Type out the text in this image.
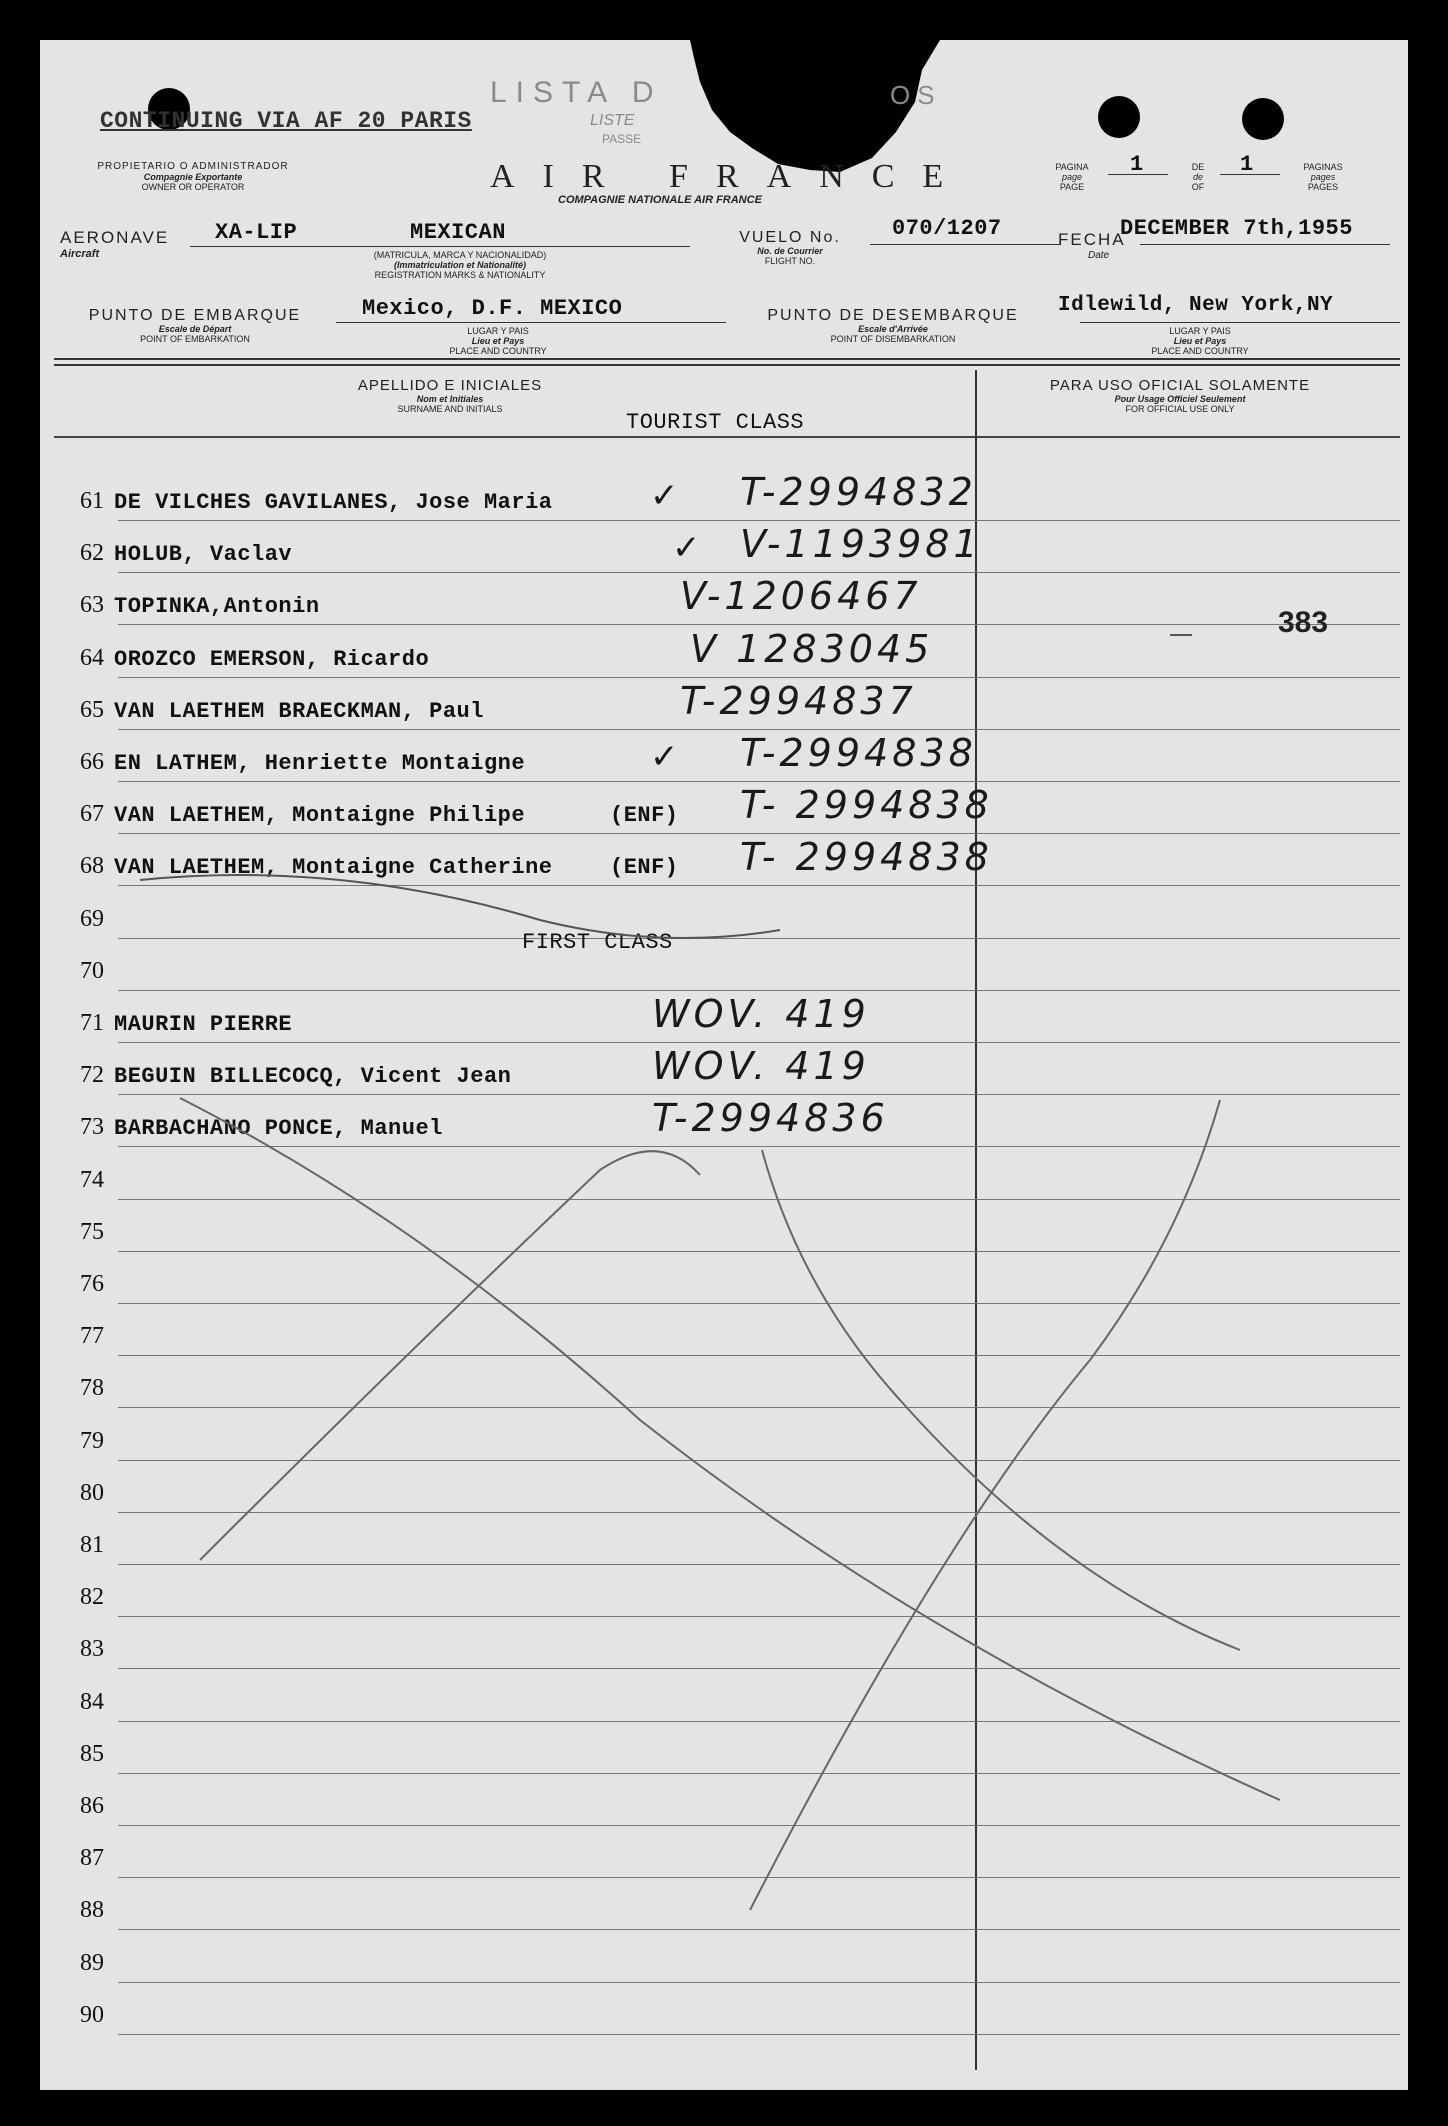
LISTA D	OS
LISTE
PASSE
CONTINUING VIA AF 20 PARIS
PROPIETARIO O ADMINISTRADOR
Compagnie Exportante
OWNER OR OPERATOR	AIR FRANCE
COMPAGNIE NATIONALE AIR FRANCE
PAGINA
page
PAGE
1	DE
de
OF
1	PAGINAS
pages
PAGES
AERONAVE
Aircraft
XA-LIP	MEXICAN
(MATRICULA, MARCA Y NACIONALIDAD)
(Immatriculation et Nationalité)
REGISTRATION MARKS & NATIONALITY
VUELO No.
No. de Courrier
FLIGHT NO.
070/1207	FECHA
Date
DECEMBER 7th,1955
PUNTO DE EMBARQUE
Escale de Départ
POINT OF EMBARKATION
Mexico, D.F. MEXICO
LUGAR Y PAIS
Lieu et Pays
PLACE AND COUNTRY
PUNTO DE DESEMBARQUE
Escale d'Arrivée
POINT OF DISEMBARKATION
Idlewild, New York,NY
LUGAR Y PAIS
Lieu et Pays
PLACE AND COUNTRY
APELLIDO E INICIALES
Nom et Initiales
SURNAME AND INITIALS
TOURIST CLASS
PARA USO OFICIAL SOLAMENTE
Pour Usage Officiel Seulement
FOR OFFICIAL USE ONLY
61 DE VILCHES GAVILANES, Jose Maria	✓ T-2994832
62 HOLUB, Vaclav	✓ V-1193981
63 TOPINKA,Antonin	V-1206467
64 OROZCO EMERSON, Ricardo	V 1283045
65 VAN LAETHEM BRAECKMAN, Paul	T-2994837
66 EN LATHEM, Henriette Montaigne	✓ T-2994838
67 VAN LAETHEM, Montaigne Philipe	(ENF) T- 2994838
68 VAN LAETHEM, Montaigne Catherine	(ENF) T- 2994838
69
70
71 MAURIN PIERRE	WOV. 419
72 BEGUIN BILLECOCQ, Vicent Jean	WOV. 419
73 BARBACHANO PONCE, Manuel	T-2994836
74
75
76
77
78
79
80
81
82
83
84
85
86
87
88
89
90
FIRST CLASS
383
